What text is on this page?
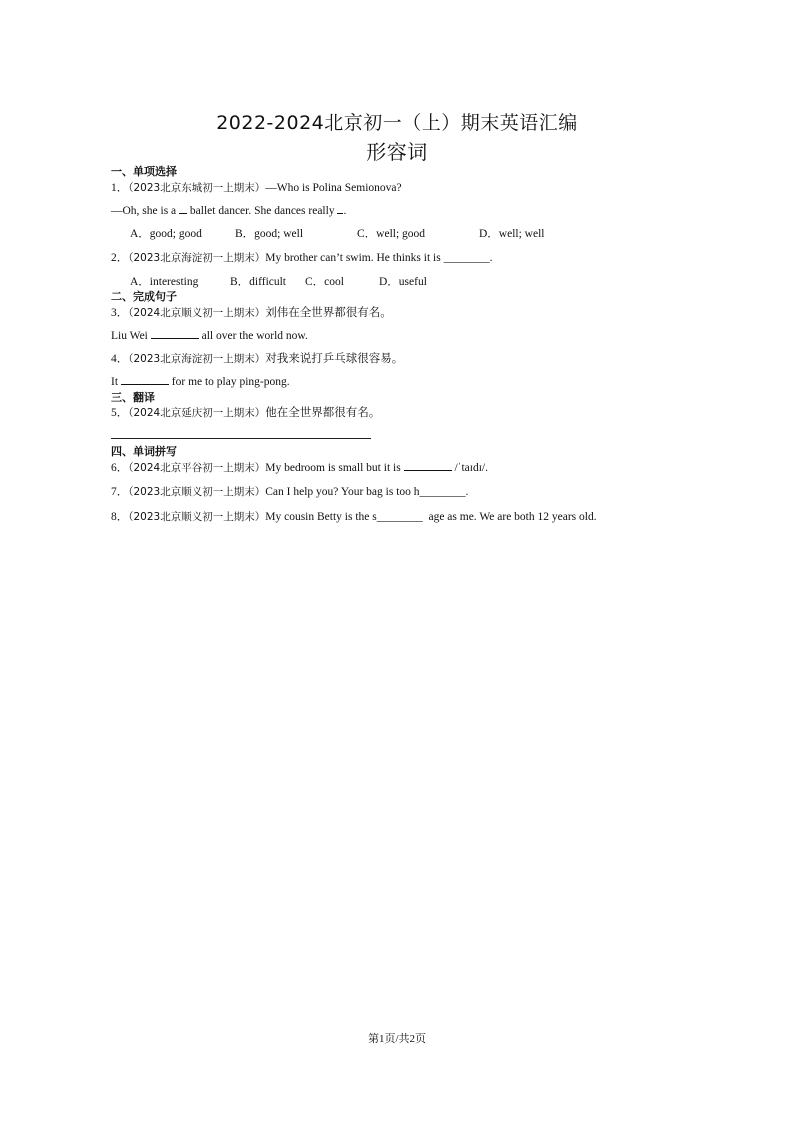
2022-2024北京初一（上）期末英语汇编
形容词
一、单项选择
1．（2023北京东城初一上期末）—Who is Polina Semionova?
—Oh, she is a  ballet dancer. She dances really .
A．good; good	B．good; well	C．well; good	D．well; well
2．（2023北京海淀初一上期末）My brother can’t swim. He thinks it is ________.
A．interesting	B．difficult C．cool	D．useful
二、完成句子
3．（2024北京顺义初一上期末）刘伟在全世界都很有名。
Liu Wei	all over the world now.
4．（2023北京海淀初一上期末）对我来说打乒乓球很容易。
It	for me to play ping-pong.
三、翻译
5．（2024北京延庆初一上期末）他在全世界都很有名。
四、单词拼写
6．（2024北京平谷初一上期末）My bedroom is small but it is	/ˈtaɪdɪ/.
7．（2023北京顺义初一上期末）Can I help you? Your bag is too h________.
8．（2023北京顺义初一上期末）My cousin Betty is the s________  age as me. We are both 12 years old.
第1页/共2页
